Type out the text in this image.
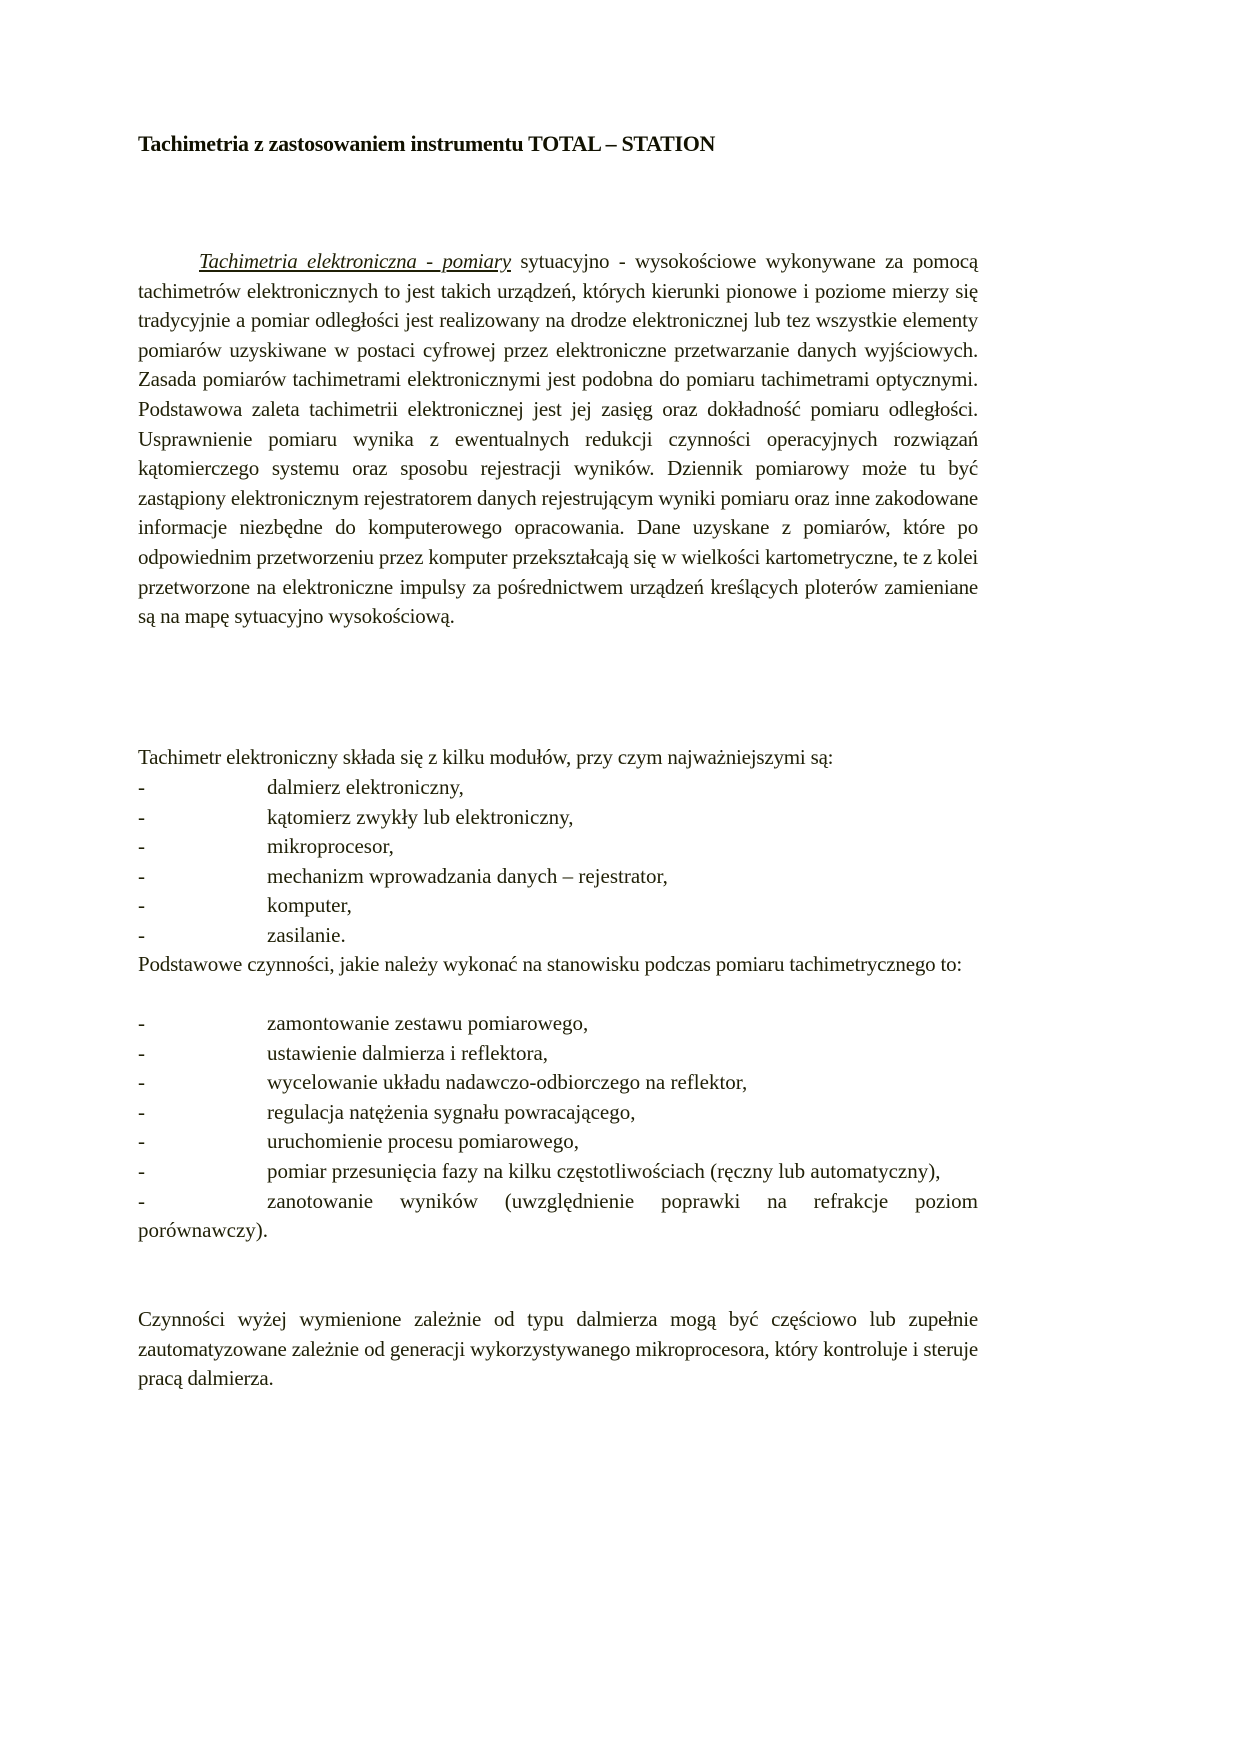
Tachimetria z zastosowaniem instrumentu TOTAL – STATION

Tachimetria elektroniczna - pomiary sytuacyjno - wysokościowe wykonywane za pomocą tachimetrów elektronicznych to jest takich urządzeń, których kierunki pionowe i poziome mierzy się tradycyjnie a pomiar odległości jest realizowany na drodze elektronicznej lub tez wszystkie elementy pomiarów uzyskiwane w postaci cyfrowej przez elektroniczne przetwarzanie danych wyjściowych. Zasada pomiarów tachimetrami elektronicznymi jest podobna do pomiaru tachimetrami optycznymi. Podstawowa zaleta tachimetrii elektronicznej jest jej zasięg oraz dokładność pomiaru odległości. Usprawnienie pomiaru wynika z ewentualnych redukcji czynności operacyjnych rozwiązań kątomierczego systemu oraz sposobu rejestracji wyników. Dziennik pomiarowy może tu być zastąpiony elektronicznym rejestratorem danych rejestrującym wyniki pomiaru oraz inne zakodowane informacje niezbędne do komputerowego opracowania. Dane uzyskane z pomiarów, które po odpowiednim przetworzeniu przez komputer przekształcają się w wielkości kartometryczne, te z kolei przetworzone na elektroniczne impulsy za pośrednictwem urządzeń kreślących ploterów zamieniane są na mapę sytuacyjno wysokościową.

Tachimetr elektroniczny składa się z kilku modułów, przy czym najważniejszymi są:

-	dalmierz elektroniczny,
-	kątomierz zwykły lub elektroniczny,
-	mikroprocesor,
-	mechanizm wprowadzania danych – rejestrator,
-	komputer,
-	zasilanie.

Podstawowe czynności, jakie należy wykonać na stanowisku podczas pomiaru tachimetrycznego to:

-	zamontowanie zestawu pomiarowego,
-	ustawienie dalmierza i reflektora,
-	wycelowanie układu nadawczo-odbiorczego na reflektor,
-	regulacja natężenia sygnału powracającego,
-	uruchomienie procesu pomiarowego,
-	pomiar przesunięcia fazy na kilku częstotliwościach (ręczny lub automatyczny),
-	zanotowanie wyników (uwzględnienie poprawki na refrakcje poziom porównawczy).

Czynności wyżej wymienione zależnie od typu dalmierza mogą być częściowo lub zupełnie zautomatyzowane zależnie od generacji wykorzystywanego mikroprocesora, który kontroluje i steruje pracą dalmierza.
